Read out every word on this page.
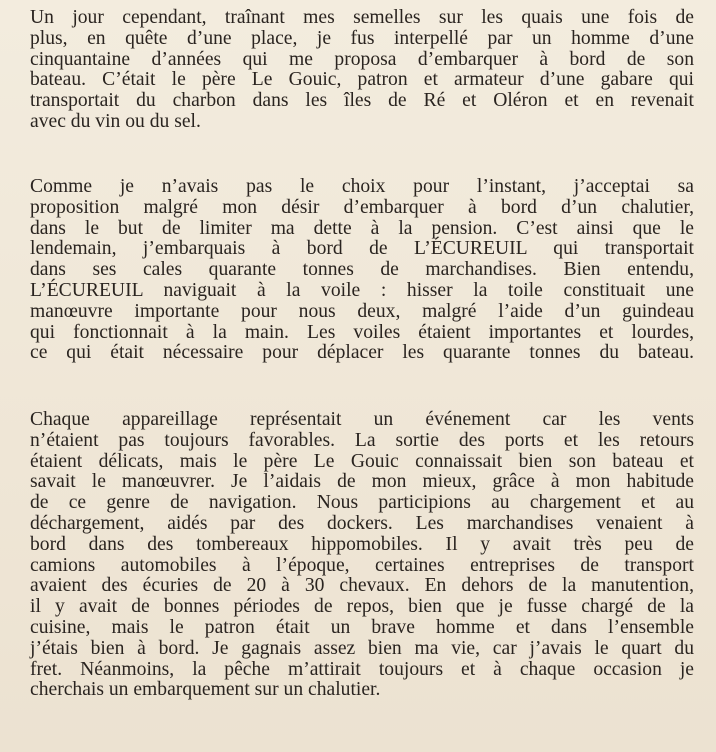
Un jour cependant, traînant mes semelles sur les quais une fois de
plus, en quête d’une place, je fus interpellé par un homme d’une
cinquantaine d’années qui me proposa d’embarquer à bord de son
bateau. C’était le père Le Gouic, patron et armateur d’une gabare qui
transportait du charbon dans les îles de Ré et Oléron et en revenait
avec du vin ou du sel.

Comme je n’avais pas le choix pour l’instant, j’acceptai sa
proposition malgré mon désir d’embarquer à bord d’un chalutier,
dans le but de limiter ma dette à la pension. C’est ainsi que le
lendemain, j’embarquais à bord de L’ÉCUREUIL qui transportait
dans ses cales quarante tonnes de marchandises. Bien entendu,
L’ÉCUREUIL naviguait à la voile : hisser la toile constituait une
manœuvre importante pour nous deux, malgré l’aide d’un guindeau
qui fonctionnait à la main. Les voiles étaient importantes et lourdes,
ce qui était nécessaire pour déplacer les quarante tonnes du bateau.

Chaque appareillage représentait un événement car les vents
n’étaient pas toujours favorables. La sortie des ports et les retours
étaient délicats, mais le père Le Gouic connaissait bien son bateau et
savait le manœuvrer. Je l’aidais de mon mieux, grâce à mon habitude
de ce genre de navigation. Nous participions au chargement et au
déchargement, aidés par des dockers. Les marchandises venaient à
bord dans des tombereaux hippomobiles. Il y avait très peu de
camions automobiles à l’époque, certaines entreprises de transport
avaient des écuries de 20 à 30 chevaux. En dehors de la manutention,
il y avait de bonnes périodes de repos, bien que je fusse chargé de la
cuisine, mais le patron était un brave homme et dans l’ensemble
j’étais bien à bord. Je gagnais assez bien ma vie, car j’avais le quart du
fret. Néanmoins, la pêche m’attirait toujours et à chaque occasion je
cherchais un embarquement sur un chalutier.
